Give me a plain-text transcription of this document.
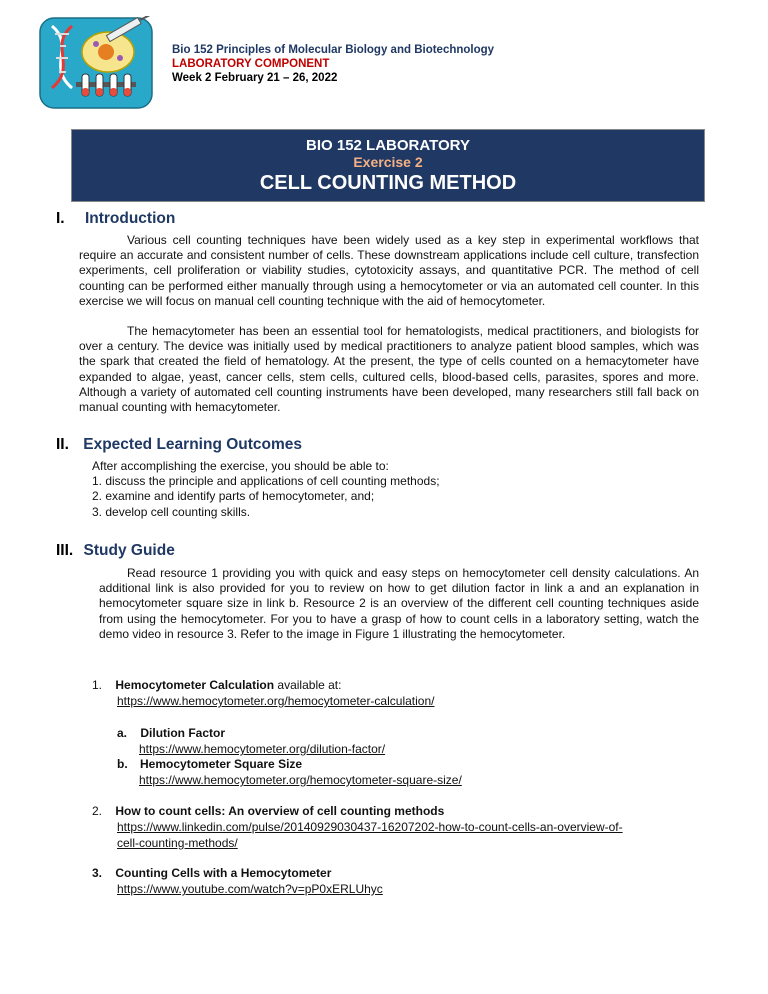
Bio 152 Principles of Molecular Biology and Biotechnology
LABORATORY COMPONENT
Week 2 February 21 – 26, 2022
BIO 152 LABORATORY
Exercise 2
CELL COUNTING METHOD
I. Introduction
Various cell counting techniques have been widely used as a key step in experimental workflows that require an accurate and consistent number of cells. These downstream applications include cell culture, transfection experiments, cell proliferation or viability studies, cytotoxicity assays, and quantitative PCR. The method of cell counting can be performed either manually through using a hemocytometer or via an automated cell counter. In this exercise we will focus on manual cell counting technique with the aid of hemocytometer.
The hemacytometer has been an essential tool for hematologists, medical practitioners, and biologists for over a century. The device was initially used by medical practitioners to analyze patient blood samples, which was the spark that created the field of hematology. At the present, the type of cells counted on a hemacytometer have expanded to algae, yeast, cancer cells, stem cells, cultured cells, blood-based cells, parasites, spores and more. Although a variety of automated cell counting instruments have been developed, many researchers still fall back on manual counting with hemacytometer.
II. Expected Learning Outcomes
After accomplishing the exercise, you should be able to:
1. discuss the principle and applications of cell counting methods;
2. examine and identify parts of hemocytometer, and;
3. develop cell counting skills.
III. Study Guide
Read resource 1 providing you with quick and easy steps on hemocytometer cell density calculations. An additional link is also provided for you to review on how to get dilution factor in link a and an explanation in hemocytometer square size in link b. Resource 2 is an overview of the different cell counting techniques aside from using the hemocytometer. For you to have a grasp of how to count cells in a laboratory setting, watch the demo video in resource 3. Refer to the image in Figure 1 illustrating the hemocytometer.
1. Hemocytometer Calculation available at:
https://www.hemocytometer.org/hemocytometer-calculation/
a. Dilution Factor
https://www.hemocytometer.org/dilution-factor/
b. Hemocytometer Square Size
https://www.hemocytometer.org/hemocytometer-square-size/
2. How to count cells: An overview of cell counting methods
https://www.linkedin.com/pulse/20140929030437-16207202-how-to-count-cells-an-overview-of-
cell-counting-methods/
3. Counting Cells with a Hemocytometer
https://www.youtube.com/watch?v=pP0xERLUhyc
